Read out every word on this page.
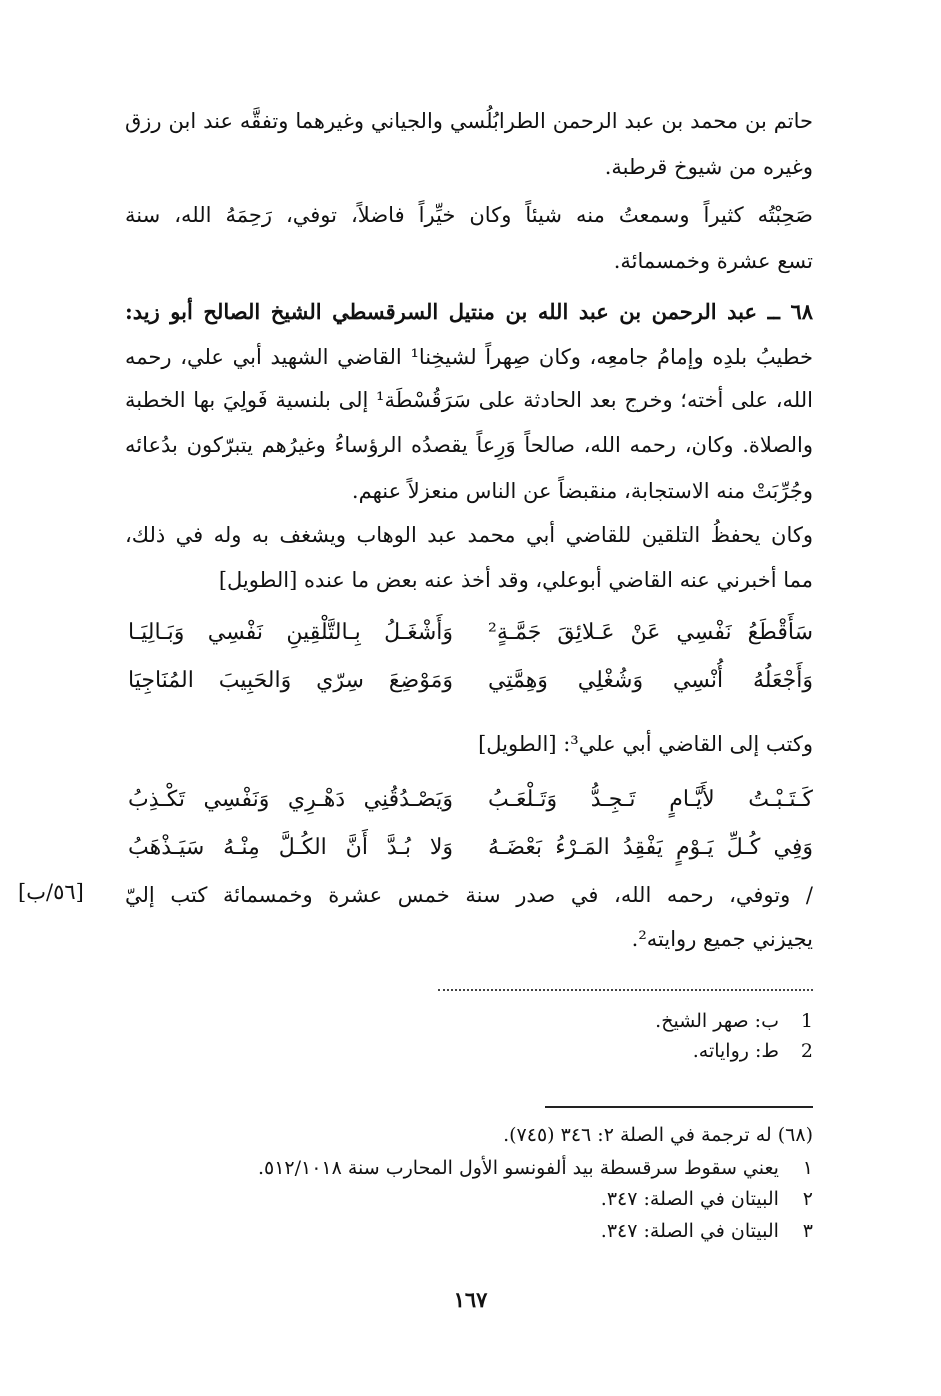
حاتم بن محمد بن عبد الرحمن الطرابُلُسي والجياني وغيرهما وتفقَّه عند ابن رزق
وغيره من شيوخ قرطبة.
صَحِبْتُه كثيراً وسمعتُ منه شيئاً وكان خيِّراً فاضلاً، توفي، رَحِمَهُ الله، سنة
تسع عشرة وخمسمائة.
٦٨ ــ عبد الرحمن بن عبد الله بن منتيل السرقسطي الشيخ الصالح أبو زيد:
خطيبُ بلدِه وإمامُ جامعِه، وكان صِهراً لشيخِنا¹ القاضي الشهيد أبي علي، رحمه
الله، على أخته؛ وخرج بعد الحادثة على سَرَقُسْطَة¹ إلى بلنسية فَولِيَ بها الخطبة
والصلاة. وكان، رحمه الله، صالحاً وَرِعاً يقصدُه الرؤساءُ وغيرُهم يتبرّكون بدُعائه
وجُرِّبَتْ منه الاستجابة، منقبضاً عن الناس منعزلاً عنهم.
وكان يحفظُ التلقين للقاضي أبي محمد عبد الوهاب ويشغف به وله في ذلك،
مما أخبرني عنه القاضي أبوعلي، وقد أخذ عنه بعض ما عنده [الطويل]
سَأَقْطَعُ نَفْسِي عَنْ عَـلائِقَ جَمَّـةٍ²
وَأَشْغَـلُ بِـالتَّلْقِينِ نَفْسِي وَبَـالِيَـا
وَأَجْعَلُهُ أُنْسِي وَشُغْلِي وَهِمَّتِي
وَمَوْضِعَ سِرّي وَالحَبِيبَ المُنَاجِيَا
وكتب إلى القاضي أبي علي³: [الطويل]
كَـتَـبْـتُ لأَيَّـامٍ تَـجِـدُّ وَتَـلْعَـبُ
وَيَصْـدُقُنِي دَهْـرِي وَنَفْسِي تَكْـذِبُ
وَفِي كُـلِّ يَـوْمٍ يَفْقِدُ المَـرْءُ بَعْضَـهُ
وَلا بُـدَّ أَنَّ الكُـلَّ مِنْـهُ سَيَـذْهَبُ
/ وتوفي، رحمه الله، في صدر سنة خمس عشرة وخمسمائة كتب إليّ
[٥٦/ب]
يجيزني جميع روايته².
1 ب: صهر الشيخ.
2 ط: رواياته.
(٦٨) له ترجمة في الصلة ٢: ٣٤٦ (٧٤٥).
١ يعني سقوط سرقسطة بيد ألفونسو الأول المحارب سنة ٥١٢/١٠١٨.
٢ البيتان في الصلة: ٣٤٧.
٣ البيتان في الصلة: ٣٤٧.
١٦٧
